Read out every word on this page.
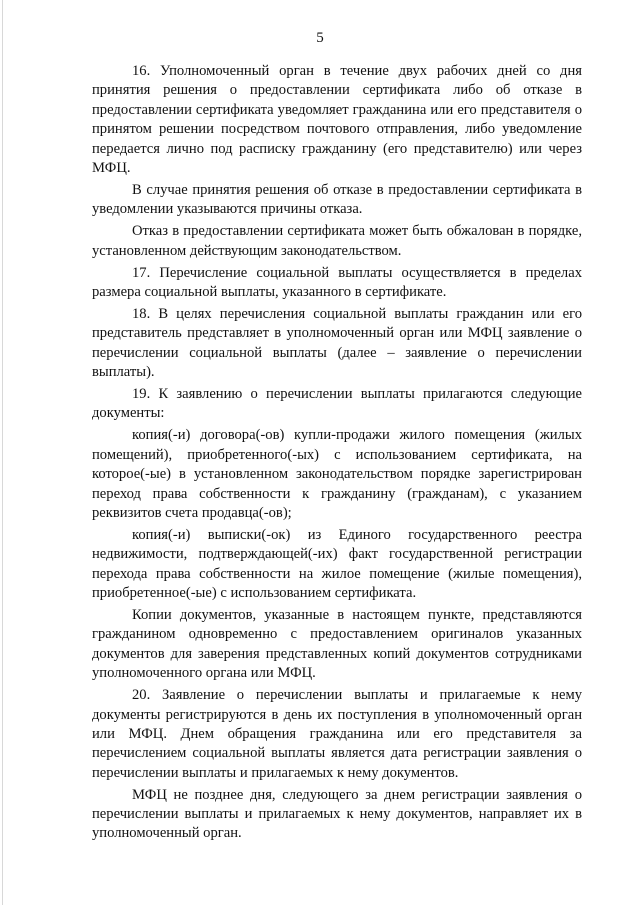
5

16. Уполномоченный орган в течение двух рабочих дней со дня принятия решения о предоставлении сертификата либо об отказе в предоставлении сертификата уведомляет гражданина или его представителя о принятом решении посредством почтового отправления, либо уведомление передается лично под расписку гражданину (его представителю) или через МФЦ.

В случае принятия решения об отказе в предоставлении сертификата в уведомлении указываются причины отказа.

Отказ в предоставлении сертификата может быть обжалован в порядке, установленном действующим законодательством.

17. Перечисление социальной выплаты осуществляется в пределах размера социальной выплаты, указанного в сертификате.

18. В целях перечисления социальной выплаты гражданин или его представитель представляет в уполномоченный орган или МФЦ заявление о перечислении социальной выплаты (далее – заявление о перечислении выплаты).

19. К заявлению о перечислении выплаты прилагаются следующие документы:

копия(-и) договора(-ов) купли-продажи жилого помещения (жилых помещений), приобретенного(-ых) с использованием сертификата, на которое(-ые) в установленном законодательством порядке зарегистрирован переход права собственности к гражданину (гражданам), с указанием реквизитов счета продавца(-ов);

копия(-и) выписки(-ок) из Единого государственного реестра недвижимости, подтверждающей(-их) факт государственной регистрации перехода права собственности на жилое помещение (жилые помещения), приобретенное(-ые) с использованием сертификата.

Копии документов, указанные в настоящем пункте, представляются гражданином одновременно с предоставлением оригиналов указанных документов для заверения представленных копий документов сотрудниками уполномоченного органа или МФЦ.

20. Заявление о перечислении выплаты и прилагаемые к нему документы регистрируются в день их поступления в уполномоченный орган или МФЦ. Днем обращения гражданина или его представителя за перечислением социальной выплаты является дата регистрации заявления о перечислении выплаты и прилагаемых к нему документов.

МФЦ не позднее дня, следующего за днем регистрации заявления о перечислении выплаты и прилагаемых к нему документов, направляет их в уполномоченный орган.
